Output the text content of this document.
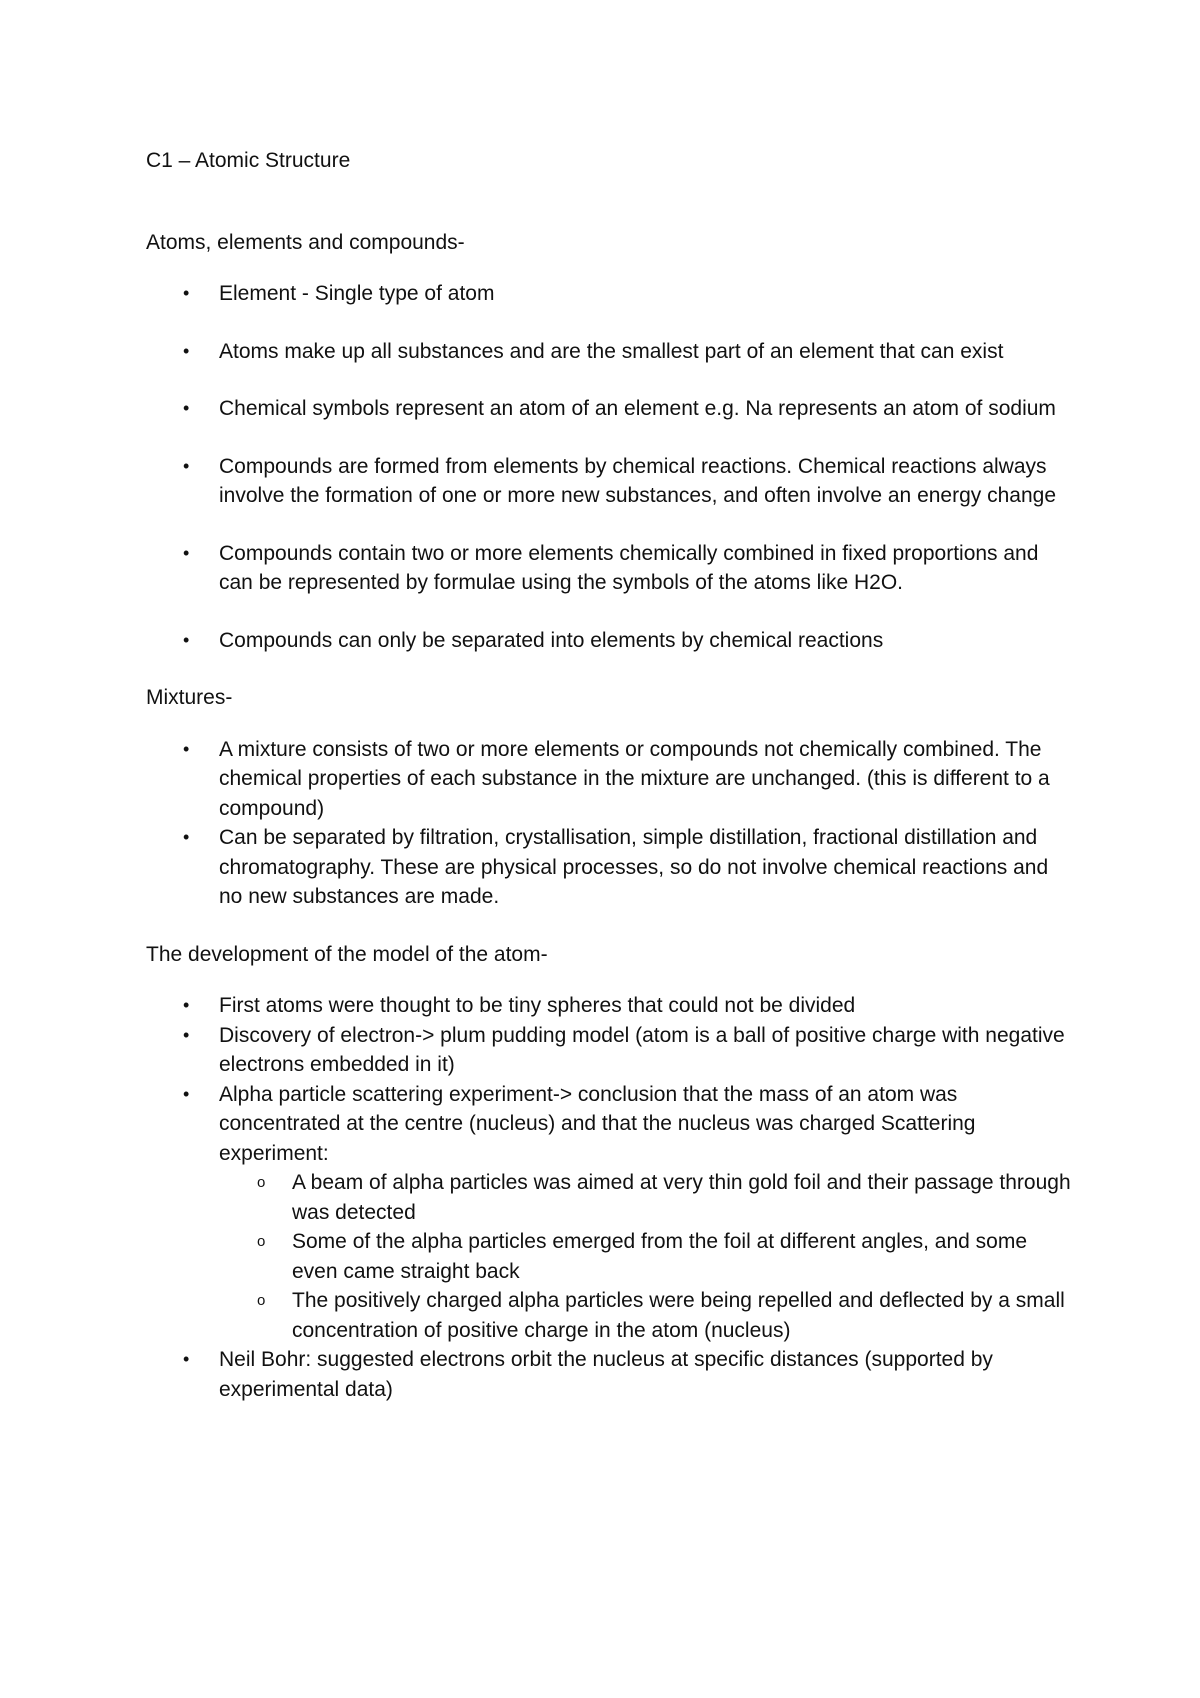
C1 – Atomic Structure
Atoms, elements and compounds-
• Element - Single type of atom
• Atoms make up all substances and are the smallest part of an element that can exist
• Chemical symbols represent an atom of an element e.g. Na represents an atom of sodium
• Compounds are formed from elements by chemical reactions. Chemical reactions always involve the formation of one or more new substances, and often involve an energy change
• Compounds contain two or more elements chemically combined in fixed proportions and can be represented by formulae using the symbols of the atoms like H2O.
• Compounds can only be separated into elements by chemical reactions
Mixtures-
• A mixture consists of two or more elements or compounds not chemically combined. The chemical properties of each substance in the mixture are unchanged. (this is different to a compound)
• Can be separated by filtration, crystallisation, simple distillation, fractional distillation and chromatography. These are physical processes, so do not involve chemical reactions and no new substances are made.
The development of the model of the atom-
• First atoms were thought to be tiny spheres that could not be divided
• Discovery of electron-> plum pudding model (atom is a ball of positive charge with negative electrons embedded in it)
• Alpha particle scattering experiment-> conclusion that the mass of an atom was concentrated at the centre (nucleus) and that the nucleus was charged Scattering experiment:
o A beam of alpha particles was aimed at very thin gold foil and their passage through was detected
o Some of the alpha particles emerged from the foil at different angles, and some even came straight back
o The positively charged alpha particles were being repelled and deflected by a small concentration of positive charge in the atom (nucleus)
• Neil Bohr: suggested electrons orbit the nucleus at specific distances (supported by experimental data)
